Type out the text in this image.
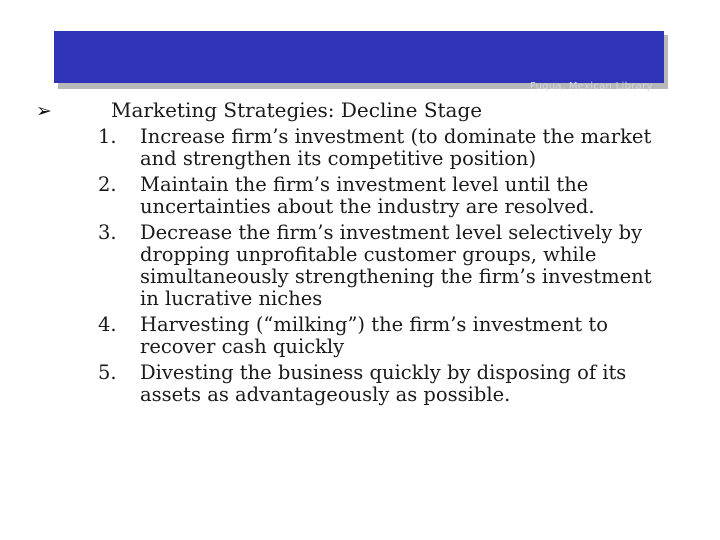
Fuqua, Mexican Library
➢	Marketing Strategies: Decline Stage
1. Increase firm’s investment (to dominate the market and strengthen its competitive position)
2. Maintain the firm’s investment level until the uncertainties about the industry are resolved.
3. Decrease the firm’s investment level selectively by dropping unprofitable customer groups, while simultaneously strengthening the firm’s investment in lucrative niches
4. Harvesting (“milking”) the firm’s investment to recover cash quickly
5. Divesting the business quickly by disposing of its assets as advantageously as possible.
